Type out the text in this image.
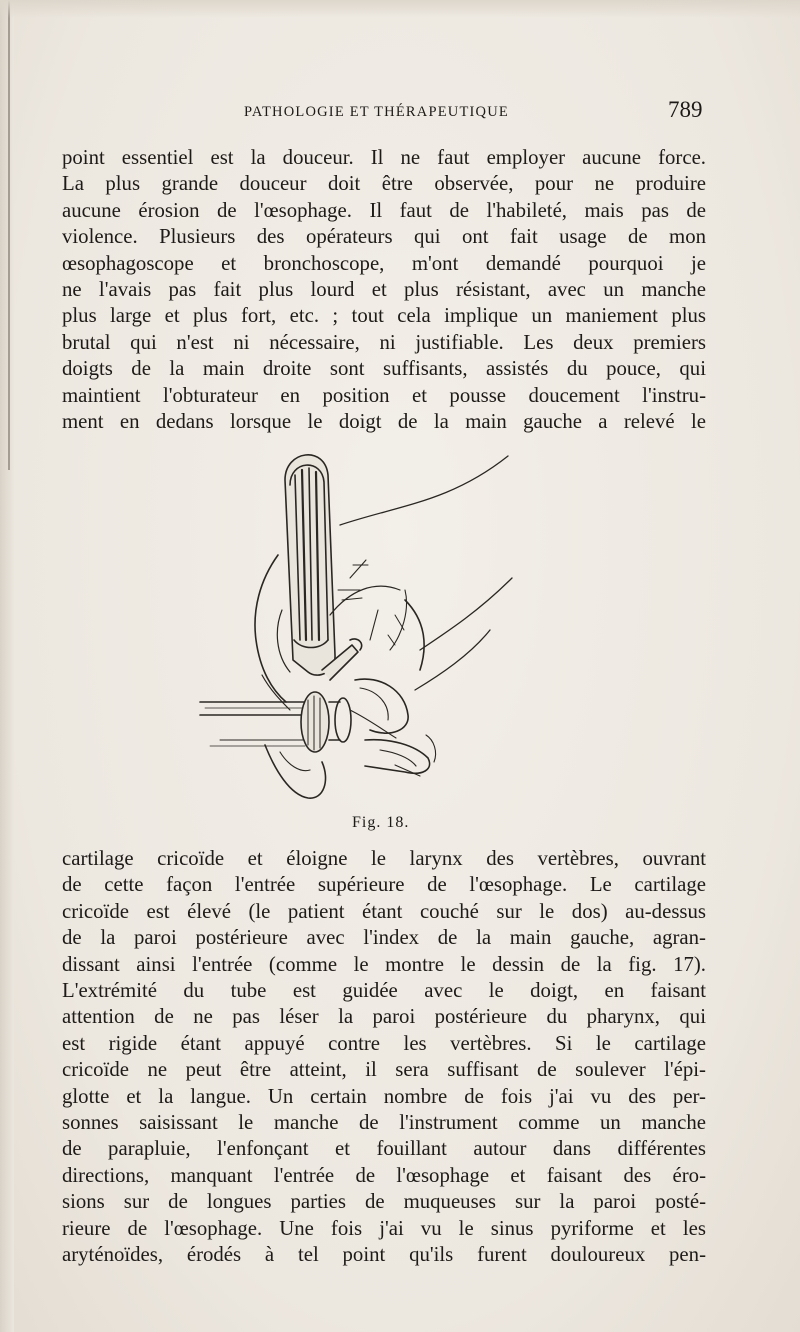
PATHOLOGIE ET THÉRAPEUTIQUE	789
point essentiel est la douceur. Il ne faut employer aucune force.
La plus grande douceur doit être observée, pour ne produire
aucune érosion de l'œsophage. Il faut de l'habileté, mais pas de
violence. Plusieurs des opérateurs qui ont fait usage de mon
œsophagoscope et bronchoscope, m'ont demandé pourquoi je
ne l'avais pas fait plus lourd et plus résistant, avec un manche
plus large et plus fort, etc. ; tout cela implique un maniement plus
brutal qui n'est ni nécessaire, ni justifiable. Les deux premiers
doigts de la main droite sont suffisants, assistés du pouce, qui
maintient l'obturateur en position et pousse doucement l'instru-
ment en dedans lorsque le doigt de la main gauche a relevé le
Fig. 18.
cartilage cricoïde et éloigne le larynx des vertèbres, ouvrant
de cette façon l'entrée supérieure de l'œsophage. Le cartilage
cricoïde est élevé (le patient étant couché sur le dos) au-dessus
de la paroi postérieure avec l'index de la main gauche, agran-
dissant ainsi l'entrée (comme le montre le dessin de la fig. 17).
L'extrémité du tube est guidée avec le doigt, en faisant
attention de ne pas léser la paroi postérieure du pharynx, qui
est rigide étant appuyé contre les vertèbres. Si le cartilage
cricoïde ne peut être atteint, il sera suffisant de soulever l'épi-
glotte et la langue. Un certain nombre de fois j'ai vu des per-
sonnes saisissant le manche de l'instrument comme un manche
de parapluie, l'enfonçant et fouillant autour dans différentes
directions, manquant l'entrée de l'œsophage et faisant des éro-
sions sur de longues parties de muqueuses sur la paroi posté-
rieure de l'œsophage. Une fois j'ai vu le sinus pyriforme et les
aryténoïdes, érodés à tel point qu'ils furent douloureux pen-
